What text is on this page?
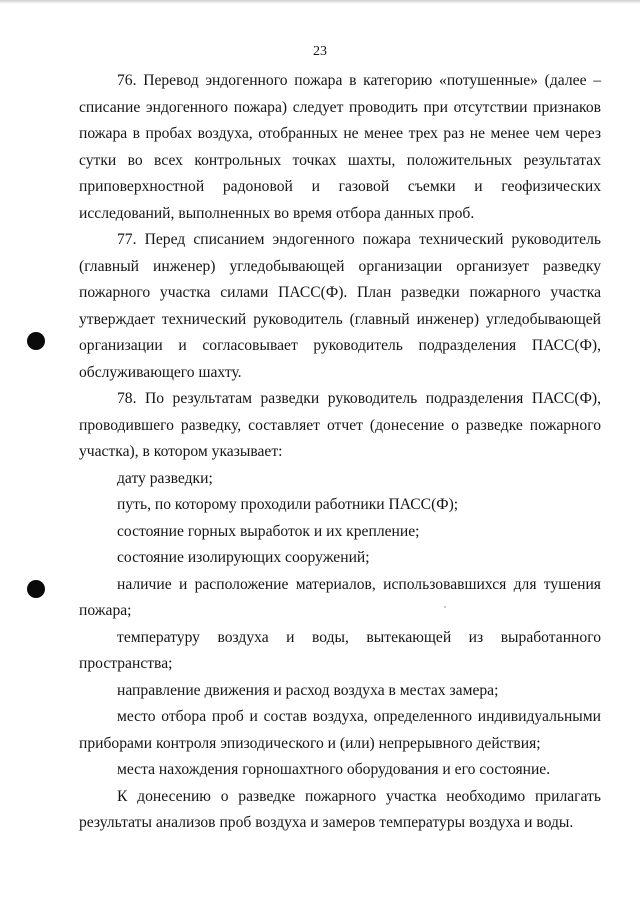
23

76. Перевод эндогенного пожара в категорию «потушенные» (далее – списание эндогенного пожара) следует проводить при отсутствии признаков пожара в пробах воздуха, отобранных не менее трех раз не менее чем через сутки во всех контрольных точках шахты, положительных результатах приповерхностной радоновой и газовой съемки и геофизических исследований, выполненных во время отбора данных проб.

77. Перед списанием эндогенного пожара технический руководитель (главный инженер) угледобывающей организации организует разведку пожарного участка силами ПАСС(Ф). План разведки пожарного участка утверждает технический руководитель (главный инженер) угледобывающей организации и согласовывает руководитель подразделения ПАСС(Ф), обслуживающего шахту.

78. По результатам разведки руководитель подразделения ПАСС(Ф), проводившего разведку, составляет отчет (донесение о разведке пожарного участка), в котором указывает:

дату разведки;

путь, по которому проходили работники ПАСС(Ф);

состояние горных выработок и их крепление;

состояние изолирующих сооружений;

наличие и расположение материалов, использовавшихся для тушения пожара;

температуру воздуха и воды, вытекающей из выработанного пространства;

направление движения и расход воздуха в местах замера;

место отбора проб и состав воздуха, определенного индивидуальными приборами контроля эпизодического и (или) непрерывного действия;

места нахождения горношахтного оборудования и его состояние.

К донесению о разведке пожарного участка необходимо прилагать результаты анализов проб воздуха и замеров температуры воздуха и воды.
